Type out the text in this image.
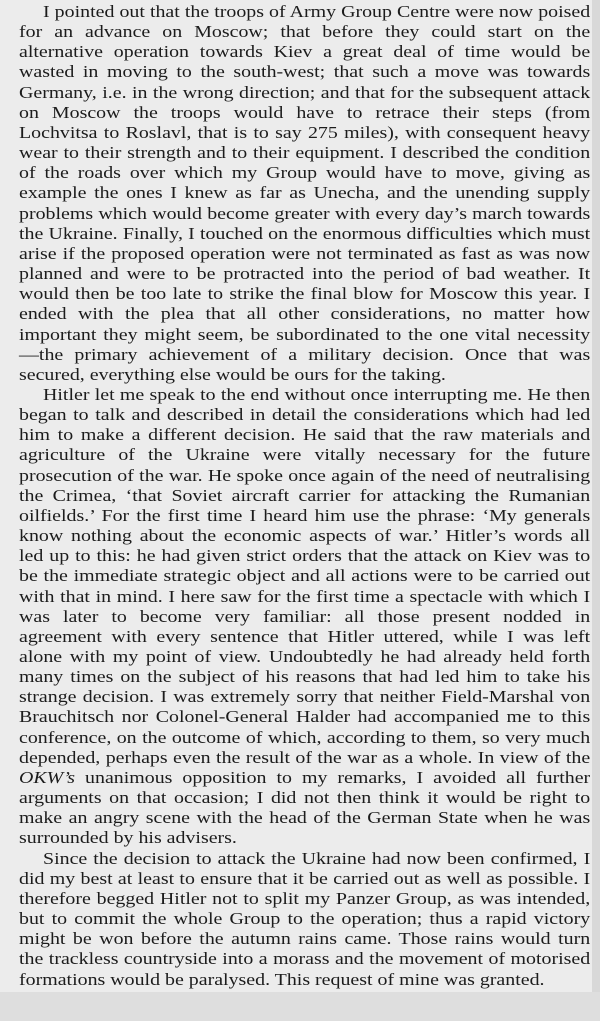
I pointed out that the troops of Army Group Centre were now poised for an advance on Moscow; that before they could start on the alternative operation towards Kiev a great deal of time would be wasted in moving to the south-west; that such a move was towards Germany, i.e. in the wrong direction; and that for the subsequent attack on Moscow the troops would have to retrace their steps (from Lochvitsa to Roslavl, that is to say 275 miles), with consequent heavy wear to their strength and to their equipment. I described the condition of the roads over which my Group would have to move, giving as example the ones I knew as far as Unecha, and the unending supply problems which would become greater with every day’s march towards the Ukraine. Finally, I touched on the enormous difficulties which must arise if the proposed operation were not terminated as fast as was now planned and were to be protracted into the period of bad weather. It would then be too late to strike the final blow for Moscow this year. I ended with the plea that all other considerations, no matter how important they might seem, be subordinated to the one vital necessity—the primary achievement of a military decision. Once that was secured, everything else would be ours for the taking.

Hitler let me speak to the end without once interrupting me. He then began to talk and described in detail the considerations which had led him to make a different decision. He said that the raw materials and agriculture of the Ukraine were vitally necessary for the future prosecution of the war. He spoke once again of the need of neutralising the Crimea, ‘that Soviet aircraft carrier for attacking the Rumanian oilfields.’ For the first time I heard him use the phrase: ‘My generals know nothing about the economic aspects of war.’ Hitler’s words all led up to this: he had given strict orders that the attack on Kiev was to be the immediate strategic object and all actions were to be carried out with that in mind. I here saw for the first time a spectacle with which I was later to become very familiar: all those present nodded in agreement with every sentence that Hitler uttered, while I was left alone with my point of view. Undoubtedly he had already held forth many times on the subject of his reasons that had led him to take his strange decision. I was extremely sorry that neither Field-Marshal von Brauchitsch nor Colonel-General Halder had accompanied me to this conference, on the outcome of which, according to them, so very much depended, perhaps even the result of the war as a whole. In view of the OKW’s unanimous opposition to my remarks, I avoided all further arguments on that occasion; I did not then think it would be right to make an angry scene with the head of the German State when he was surrounded by his advisers.

Since the decision to attack the Ukraine had now been confirmed, I did my best at least to ensure that it be carried out as well as possible. I therefore begged Hitler not to split my Panzer Group, as was intended, but to commit the whole Group to the operation; thus a rapid victory might be won before the autumn rains came. Those rains would turn the trackless countryside into a morass and the movement of motorised formations would be paralysed. This request of mine was granted.
